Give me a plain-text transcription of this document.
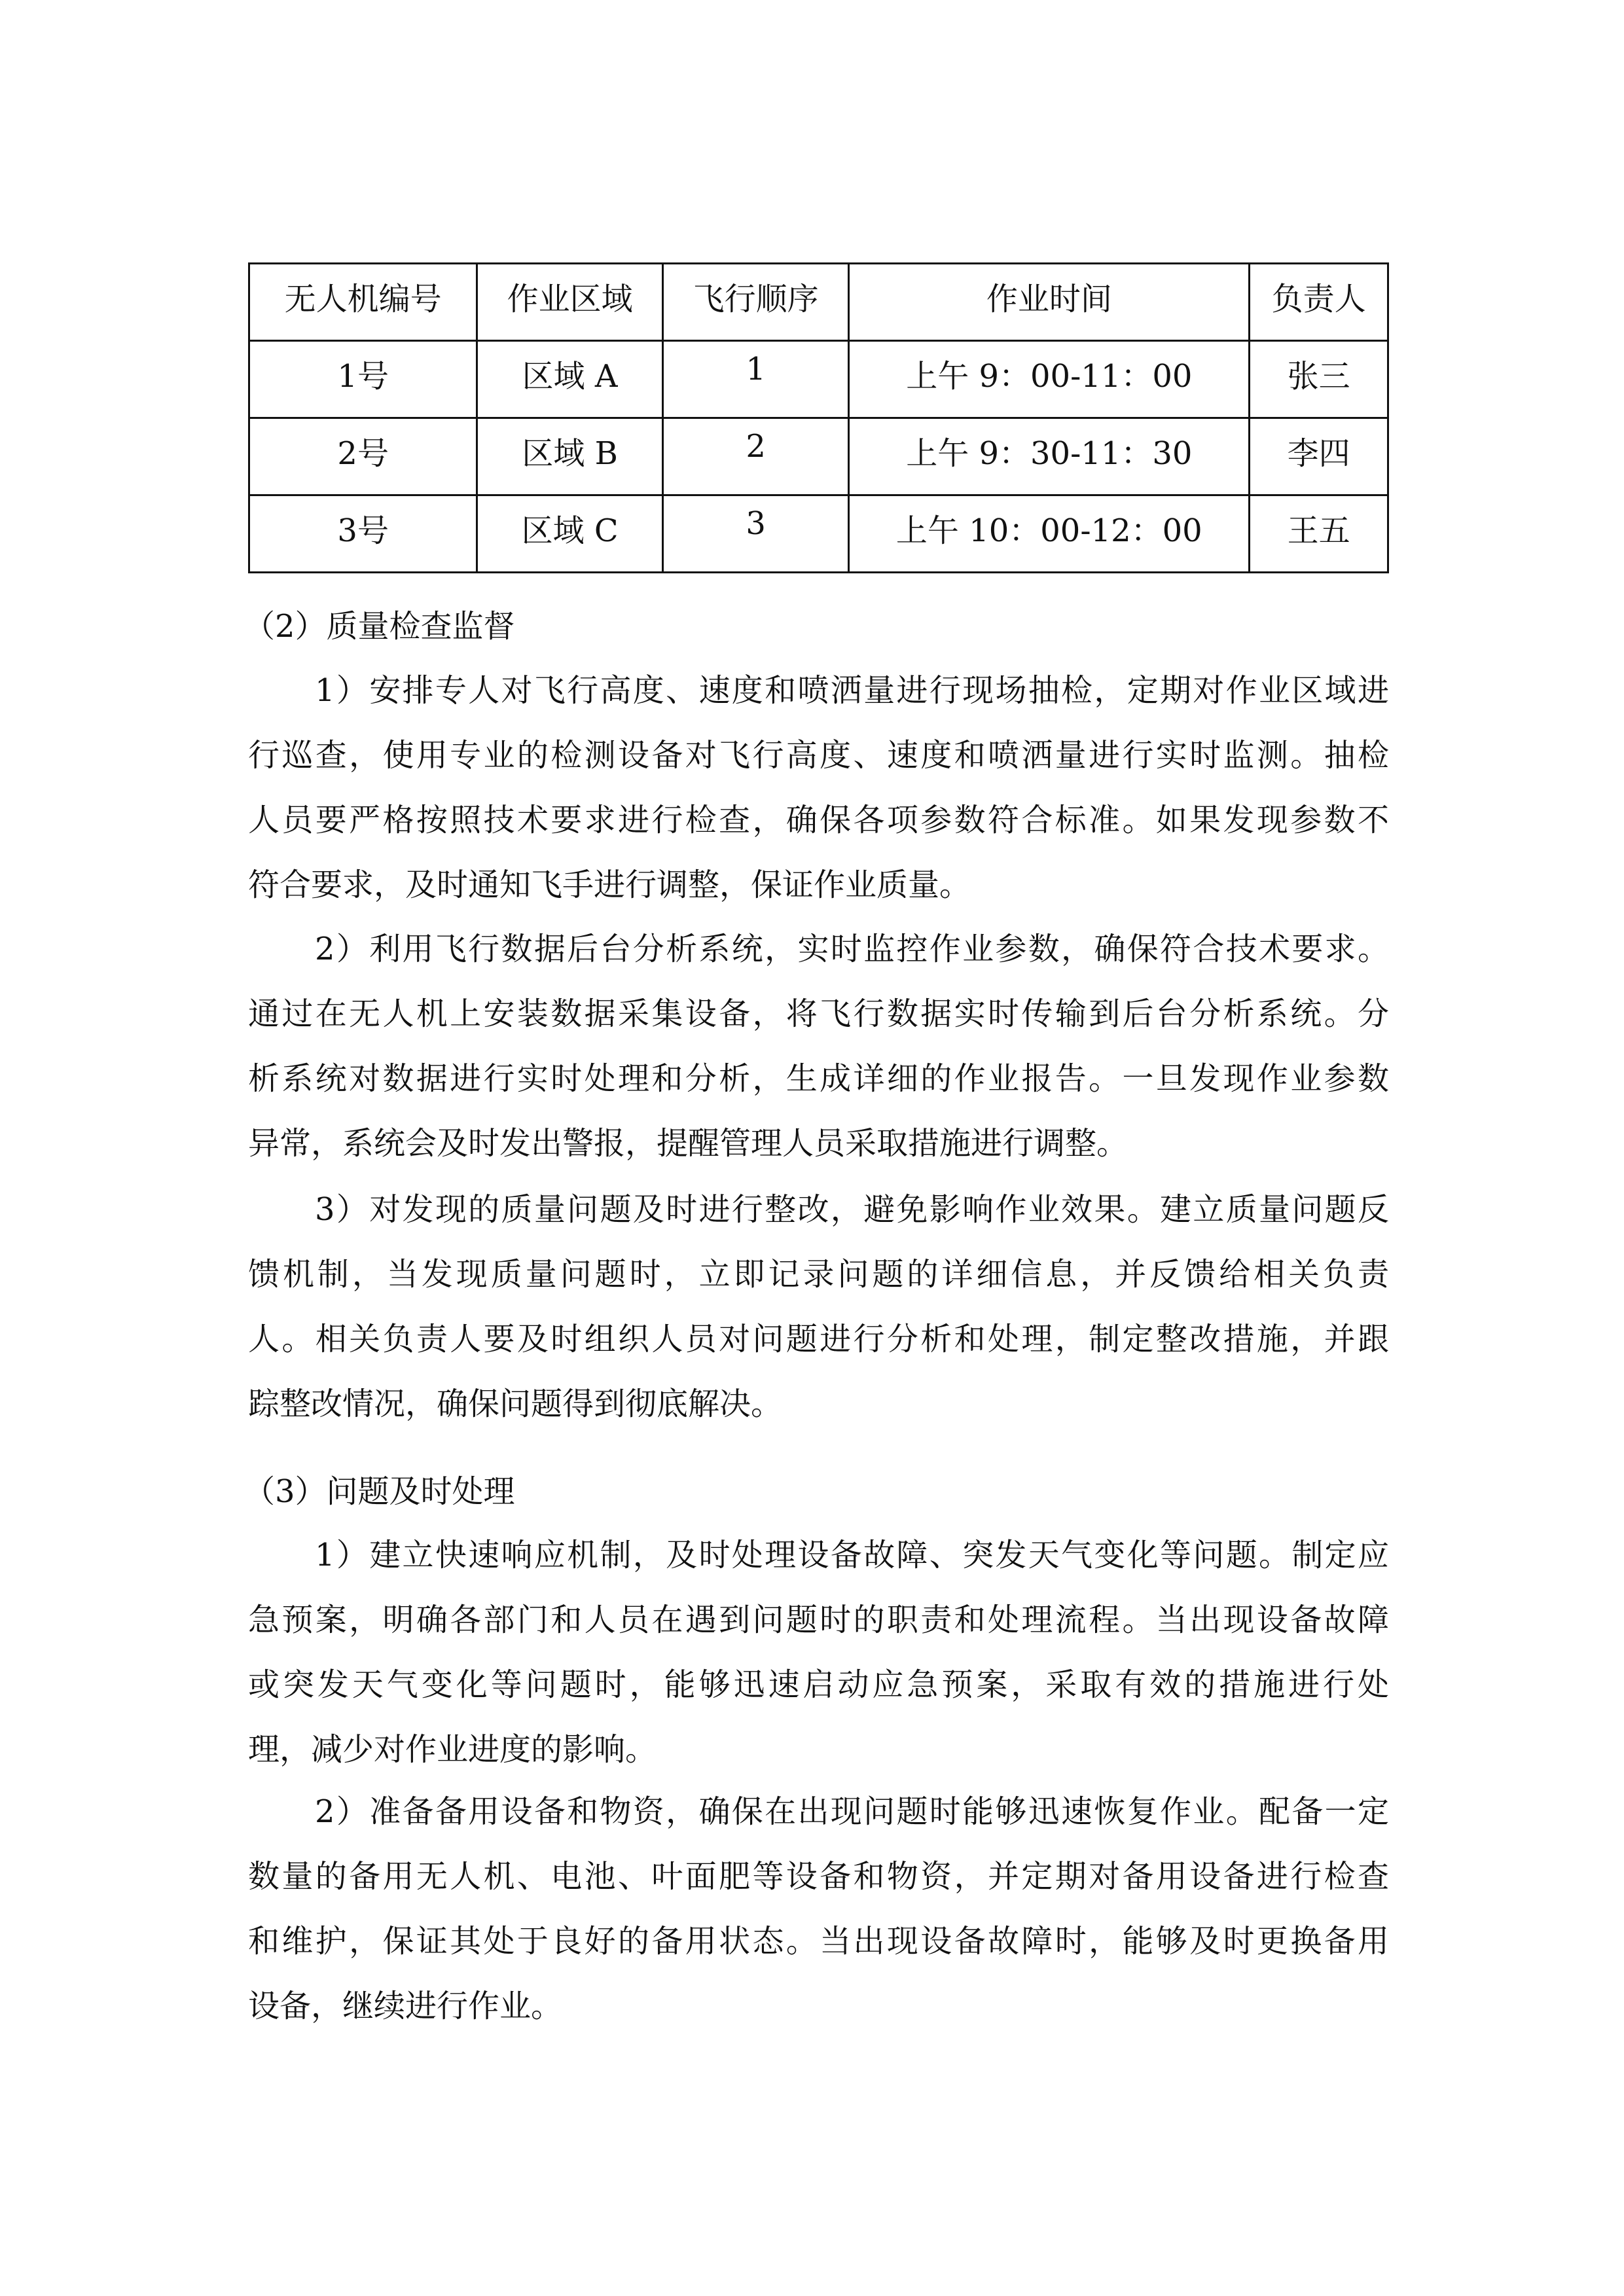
无人机编号	作业区域	飞行顺序	作业时间	负责人
1号	区域 A	1	上午 9：00-11：00	张三
2号	区域 B	2	上午 9：30-11：30	李四
3号	区域 C	3	上午 10：00-12：00	王五
（2）质量检查监督
1）安排专人对飞行高度、速度和喷洒量进行现场抽检，定期对作业区域进
行巡查，使用专业的检测设备对飞行高度、速度和喷洒量进行实时监测。抽检
人员要严格按照技术要求进行检查，确保各项参数符合标准。如果发现参数不
符合要求，及时通知飞手进行调整，保证作业质量。
2）利用飞行数据后台分析系统，实时监控作业参数，确保符合技术要求。
通过在无人机上安装数据采集设备，将飞行数据实时传输到后台分析系统。分
析系统对数据进行实时处理和分析，生成详细的作业报告。一旦发现作业参数
异常，系统会及时发出警报，提醒管理人员采取措施进行调整。
3）对发现的质量问题及时进行整改，避免影响作业效果。建立质量问题反
馈机制，当发现质量问题时，立即记录问题的详细信息，并反馈给相关负责
人。相关负责人要及时组织人员对问题进行分析和处理，制定整改措施，并跟
踪整改情况，确保问题得到彻底解决。
（3）问题及时处理
1）建立快速响应机制，及时处理设备故障、突发天气变化等问题。制定应
急预案，明确各部门和人员在遇到问题时的职责和处理流程。当出现设备故障
或突发天气变化等问题时，能够迅速启动应急预案，采取有效的措施进行处
理，减少对作业进度的影响。
2）准备备用设备和物资，确保在出现问题时能够迅速恢复作业。配备一定
数量的备用无人机、电池、叶面肥等设备和物资，并定期对备用设备进行检查
和维护，保证其处于良好的备用状态。当出现设备故障时，能够及时更换备用
设备，继续进行作业。
